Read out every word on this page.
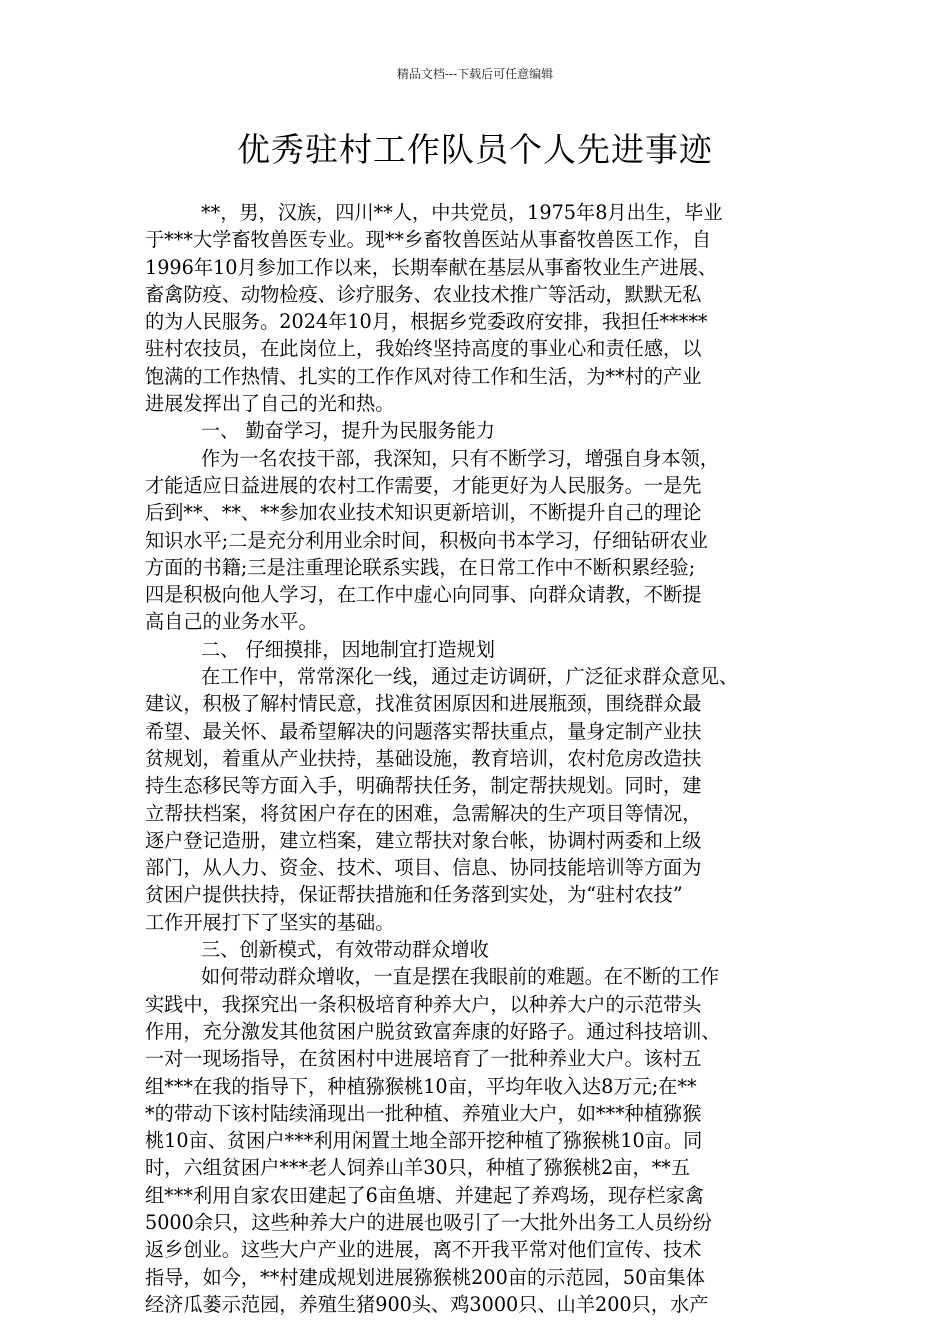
精品文档---下载后可任意编辑
优秀驻村工作队员个人先进事迹
**，男，汉族，四川**人，中共党员，1975年8月出生，毕业
于***大学畜牧兽医专业。现**乡畜牧兽医站从事畜牧兽医工作，自
1996年10月参加工作以来，长期奉献在基层从事畜牧业生产进展、
畜禽防疫、动物检疫、诊疗服务、农业技术推广等活动，默默无私
的为人民服务。2024年10月，根据乡党委政府安排，我担任*****
驻村农技员，在此岗位上，我始终坚持高度的事业心和责任感，以
饱满的工作热情、扎实的工作作风对待工作和生活，为**村的产业
进展发挥出了自己的光和热。
一、 勤奋学习，提升为民服务能力
作为一名农技干部，我深知，只有不断学习，增强自身本领，
才能适应日益进展的农村工作需要，才能更好为人民服务。一是先
后到**、**、**参加农业技术知识更新培训，不断提升自己的理论
知识水平;二是充分利用业余时间，积极向书本学习，仔细钻研农业
方面的书籍;三是注重理论联系实践，在日常工作中不断积累经验;
四是积极向他人学习，在工作中虚心向同事、向群众请教，不断提
高自己的业务水平。
二、 仔细摸排，因地制宜打造规划
在工作中，常常深化一线，通过走访调研，广泛征求群众意见、
建议，积极了解村情民意，找准贫困原因和进展瓶颈，围绕群众最
希望、最关怀、最希望解决的问题落实帮扶重点，量身定制产业扶
贫规划，着重从产业扶持，基础设施，教育培训，农村危房改造扶
持生态移民等方面入手，明确帮扶任务，制定帮扶规划。同时，建
立帮扶档案，将贫困户存在的困难，急需解决的生产项目等情况，
逐户登记造册，建立档案，建立帮扶对象台帐，协调村两委和上级
部门，从人力、资金、技术、项目、信息、协同技能培训等方面为
贫困户提供扶持，保证帮扶措施和任务落到实处，为“驻村农技”
工作开展打下了坚实的基础。
三、创新模式，有效带动群众增收
如何带动群众增收，一直是摆在我眼前的难题。在不断的工作
实践中，我探究出一条积极培育种养大户，以种养大户的示范带头
作用，充分激发其他贫困户脱贫致富奔康的好路子。通过科技培训、
一对一现场指导，在贫困村中进展培育了一批种养业大户。该村五
组***在我的指导下，种植猕猴桃10亩，平均年收入达8万元;在**
*的带动下该村陆续涌现出一批种植、养殖业大户，如***种植猕猴
桃10亩、贫困户***利用闲置土地全部开挖种植了猕猴桃10亩。同
时，六组贫困户***老人饲养山羊30只，种植了猕猴桃2亩，**五
组***利用自家农田建起了6亩鱼塘、并建起了养鸡场，现存栏家禽
5000余只，这些种养大户的进展也吸引了一大批外出务工人员纷纷
返乡创业。这些大户产业的进展，离不开我平常对他们宣传、技术
指导，如今，**村建成规划进展猕猴桃200亩的示范园，50亩集体
经济瓜蒌示范园，养殖生猪900头、鸡3000只、山羊200只，水产
